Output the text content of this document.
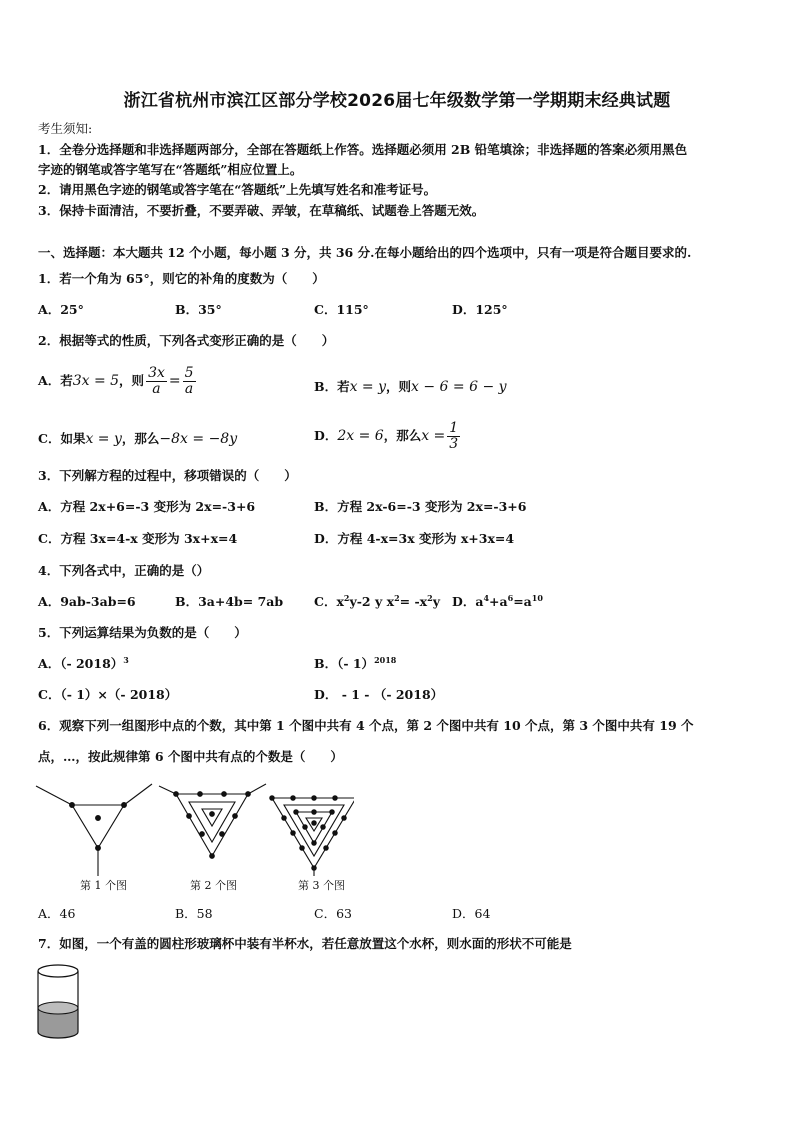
浙江省杭州市滨江区部分学校2026届七年级数学第一学期期末经典试题
考生须知:
1．全卷分选择题和非选择题两部分，全部在答题纸上作答。选择题必须用 2B 铅笔填涂；非选择题的答案必须用黑色
字迹的钢笔或答字笔写在“答题纸”相应位置上。
2．请用黑色字迹的钢笔或答字笔在“答题纸”上先填写姓名和准考证号。
3．保持卡面清洁，不要折叠，不要弄破、弄皱，在草稿纸、试题卷上答题无效。
一、选择题：本大题共 12 个小题，每小题 3 分，共 36 分.在每小题给出的四个选项中，只有一项是符合题目要求的.
1．若一个角为 65°，则它的补角的度数为（　　）
A．25°	B．35°	C．115°	D．125°
2．根据等式的性质，下列各式变形正确的是（　　）
A．若3x = 5，则 $\frac{3x}{a} = \frac{5}{a}$	B．若x = y，则x − 6 = 6 − y
C．如果x = y，那么−8x = −8y	D．2x = 6，那么$x = \frac{1}{3}$
3．下列解方程的过程中，移项错误的（　　）
A．方程 2x+6=-3 变形为 2x=-3+6	B．方程 2x-6=-3 变形为 2x=-3+6
C．方程 3x=4-x 变形为 3x+x=4	D．方程 4-x=3x 变形为 x+3x=4
4．下列各式中，正确的是（）
A．9ab-3ab=6	B．3a+4b= 7ab C．$x^2y-2$ y $x^2= -x^2y$ D．$a^4+a^6=a^{10}$
5．下列运算结果为负数的是（　　）
A．（- 2018）$^3$	B．（- 1）$^{2018}$
C．（- 1）×（- 2018）	D． - 1 - （- 2018）
6．观察下列一组图形中点的个数，其中第 1 个图中共有 4 个点，第 2 个图中共有 10 个点，第 3 个图中共有 19 个
点，…，按此规律第 6 个图中共有点的个数是（　　）
第 1 个图	第 2 个图	第 3 个图
A．46	B．58	C．63	D．64
7．如图，一个有盖的圆柱形玻璃杯中装有半杯水，若任意放置这个水杯，则水面的形状不可能是
